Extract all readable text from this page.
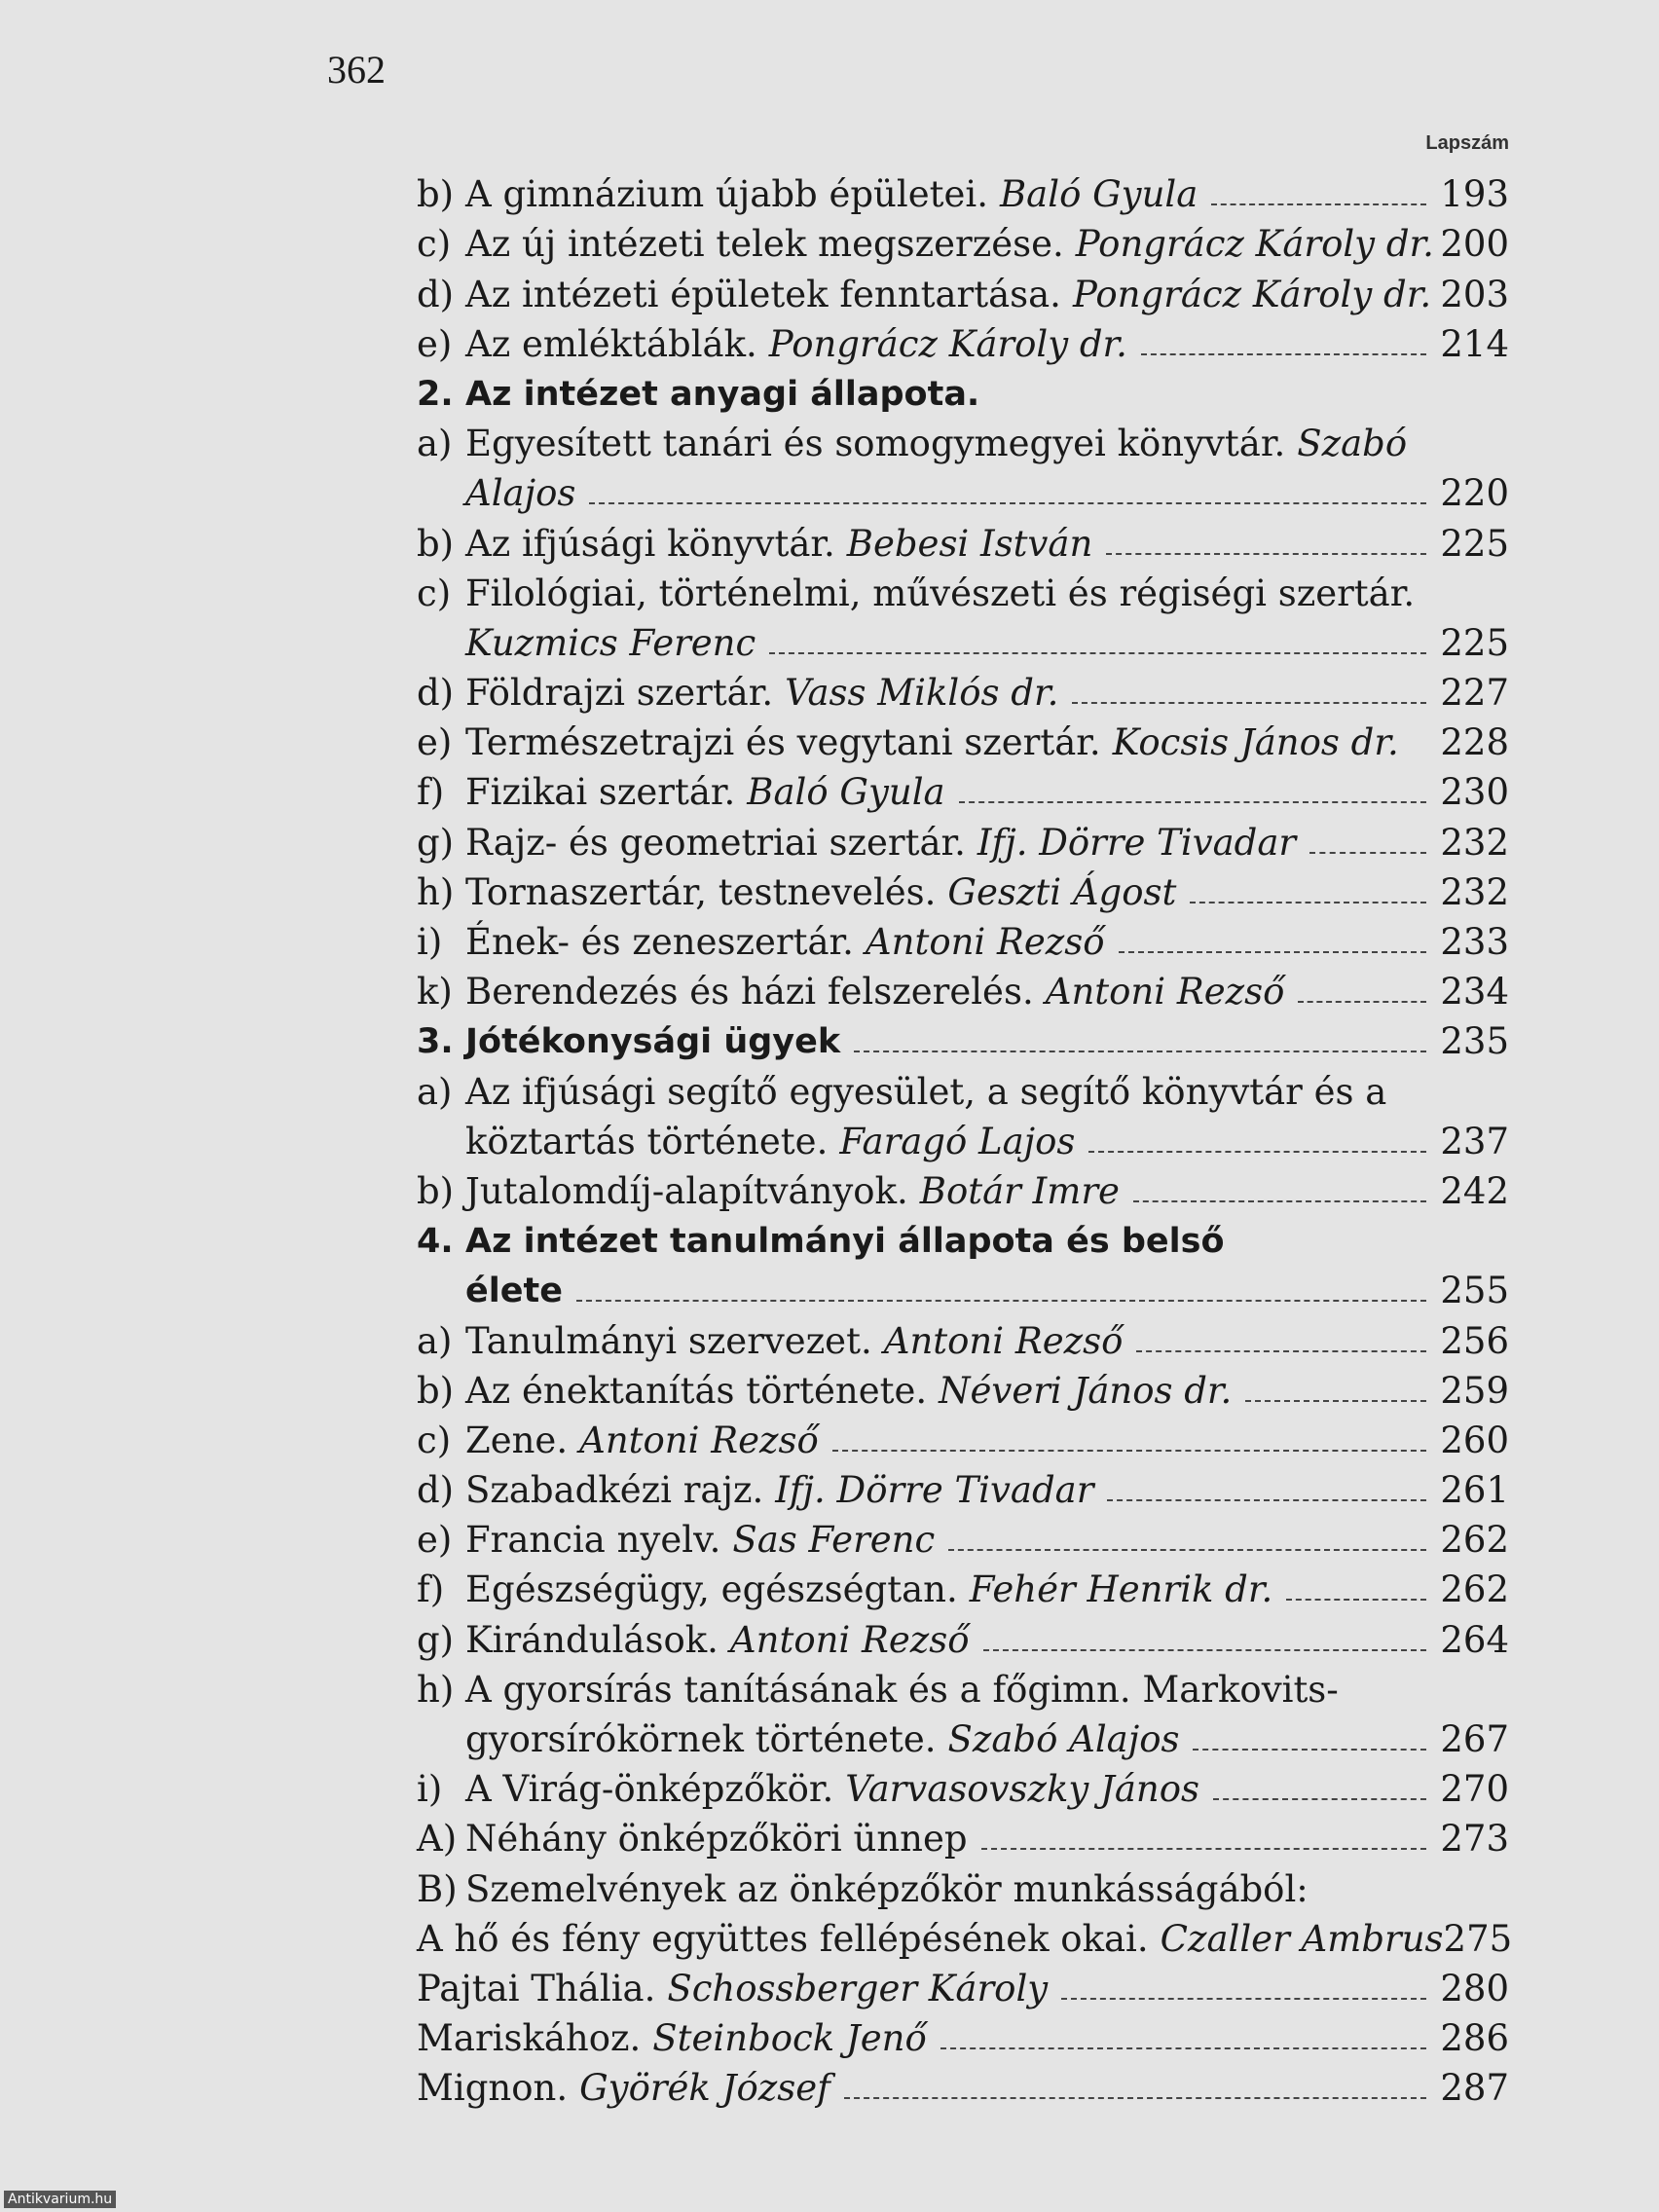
362
Lapszám
b) A gimnázium újabb épületei. Baló Gyula	193
c) Az új intézeti telek megszerzése. Pongrácz Károly dr. 200
d) Az intézeti épületek fenntartása. Pongrácz Károly dr. 203
e) Az emléktáblák. Pongrácz Károly dr.	214
2. Az intézet anyagi állapota.
a) Egyesített tanári és somogymegyei könyvtár. Szabó
Alajos	220
b) Az ifjúsági könyvtár. Bebesi István	225
c) Filológiai, történelmi, művészeti és régiségi szertár.
Kuzmics Ferenc	225
d) Földrajzi szertár. Vass Miklós dr.	227
e) Természetrajzi és vegytani szertár. Kocsis János dr. 228
f) Fizikai szertár. Baló Gyula	230
g) Rajz- és geometriai szertár. Ifj. Dörre Tivadar	232
h) Tornaszertár, testnevelés. Geszti Ágost	232
i) Ének- és zeneszertár. Antoni Rezső	233
k) Berendezés és házi felszerelés. Antoni Rezső	234
3. Jótékonysági ügyek	235
a) Az ifjúsági segítő egyesület, a segítő könyvtár és a
köztartás története. Faragó Lajos	237
b) Jutalomdíj-alapítványok. Botár Imre	242
4. Az intézet tanulmányi állapota és belső
élete	255
a) Tanulmányi szervezet. Antoni Rezső	256
b) Az énektanítás története. Néveri János dr.	259
c) Zene. Antoni Rezső	260
d) Szabadkézi rajz. Ifj. Dörre Tivadar	261
e) Francia nyelv. Sas Ferenc	262
f) Egészségügy, egészségtan. Fehér Henrik dr.	262
g) Kirándulások. Antoni Rezső	264
h) A gyorsírás tanításának és a főgimn. Markovits-
gyorsírókörnek története. Szabó Alajos	267
i) A Virág-önképzőkör. Varvasovszky János	270
A) Néhány önképzőköri ünnep	273
B) Szemelvények az önképzőkör munkásságából:
A hő és fény együttes fellépésének okai. Czaller Ambrus 275
Pajtai Thália. Schossberger Károly	280
Mariskához. Steinbock Jenő	286
Mignon. Györék József	287
Antikvarium.hu
